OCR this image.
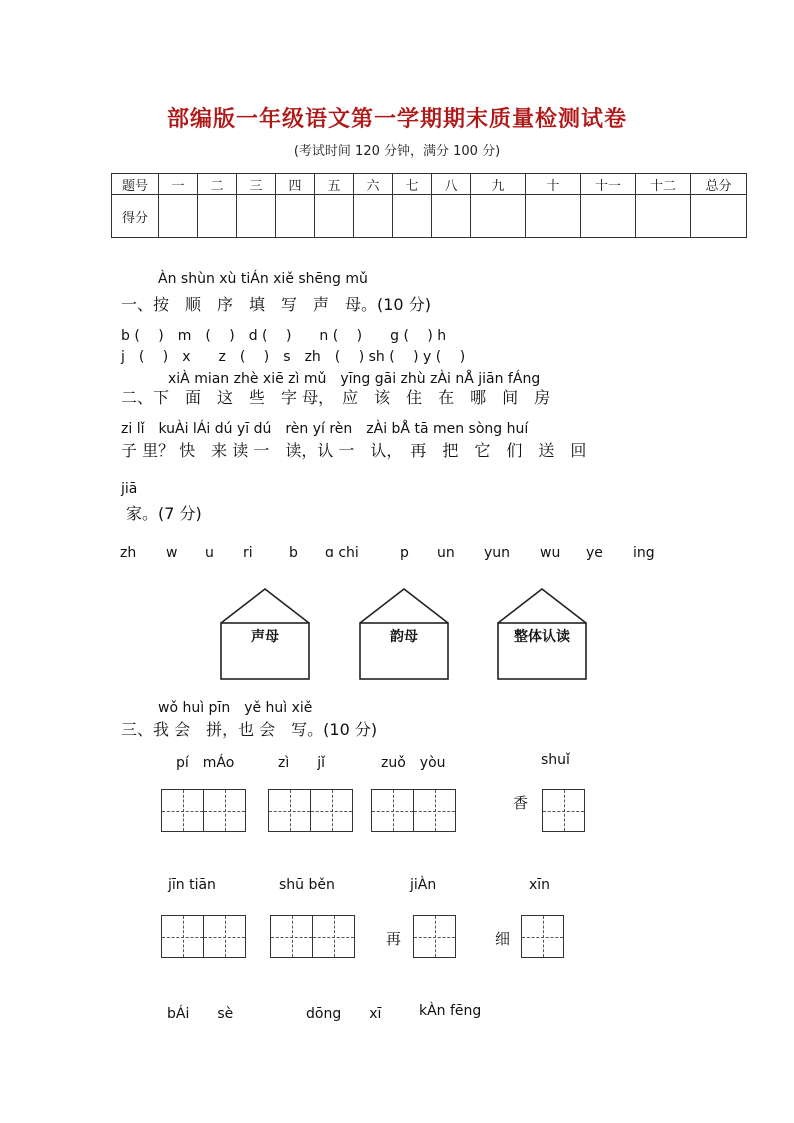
部编版一年级语文第一学期期末质量检测试卷
(考试时间 120 分钟，满分 100 分)
题号	一	二	三	四	五	六	七	八	九	十	十一	十二	总分
得分													
Àn shùn xù tiÁn xiě shēng mǔ
一、按　顺　序　填　写　声　母。(10 分)
b (　 )　m　(　 )　d (　 )　　n (　 )　　g (　 ) h
j　(　 )　x　　z　(　 )　s　zh　(　 ) sh (　 ) y (　 )
xiÀ mian zhè xiē zì mǔ　yīng gāi zhù zÀi nÅ jiān fÁng
二、下　面　这　些　字 母，　应　该　住　在　哪　间　房
zi lǐ　kuÀi lÁi dú yī dú　rèn yí rèn　zÀi bÅ tā men sòng huí
子 里？ 快　来 读 一　读，认 一　认，　再　把　它　们　送　回
jiā
家。(7 分)
zh w u ri	b ɑ chi	p un yun wu ye ing
声母	韵母	整体认读
wǒ huì pīn　yě huì xiě
三、我 会　拼，也 会　写。(10 分)
pí　mÁo	zì　　jǐ	zuǒ　yòu	shuǐ
香
jīn tiān	shū běn	jiÀn	xīn
再	细
bÁi　　sè	dōng　　xī	kÀn fēng
